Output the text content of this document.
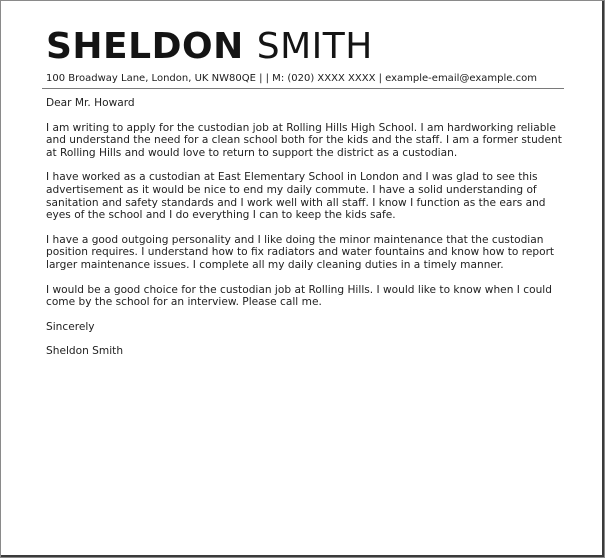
SHELDON SMITH
100 Broadway Lane, London, UK NW80QE | | M: (020) XXXX XXXX | example-email@example.com
Dear Mr. Howard

I am writing to apply for the custodian job at Rolling Hills High School. I am hardworking reliable and understand the need for a clean school both for the kids and the staff. I am a former student at Rolling Hills and would love to return to support the district as a custodian.

I have worked as a custodian at East Elementary School in London and I was glad to see this advertisement as it would be nice to end my daily commute. I have a solid understanding of sanitation and safety standards and I work well with all staff. I know I function as the ears and eyes of the school and I do everything I can to keep the kids safe.

I have a good outgoing personality and I like doing the minor maintenance that the custodian position requires. I understand how to fix radiators and water fountains and know how to report larger maintenance issues. I complete all my daily cleaning duties in a timely manner.

I would be a good choice for the custodian job at Rolling Hills. I would like to know when I could come by the school for an interview. Please call me.

Sincerely
Sheldon Smith
